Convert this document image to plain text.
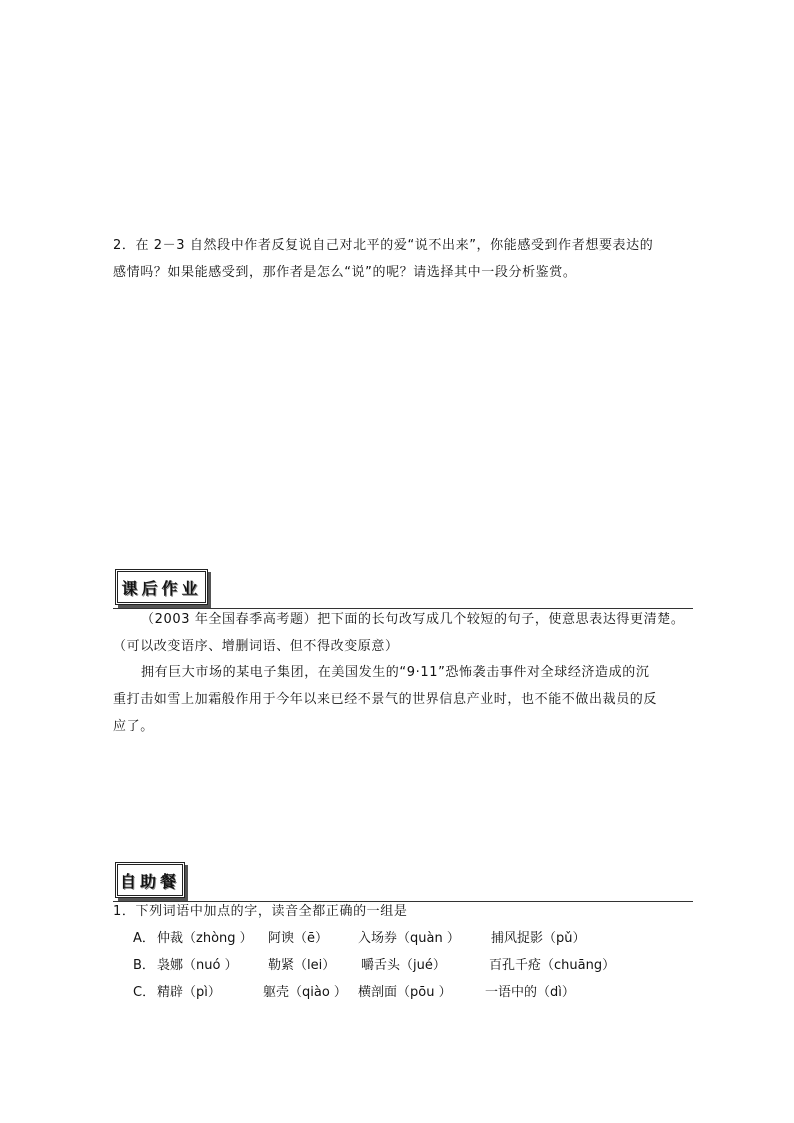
2．在 2－3 自然段中作者反复说自己对北平的爱“说不出来”，你能感受到作者想要表达的
感情吗？如果能感受到，那作者是怎么“说”的呢？请选择其中一段分析鉴赏。
课后作业
（2003 年全国春季高考题）把下面的长句改写成几个较短的句子，使意思表达得更清楚。
（可以改变语序、增删词语、但不得改变原意）
拥有巨大市场的某电子集团，在美国发生的“9·11”恐怖袭击事件对全球经济造成的沉
重打击如雪上加霜般作用于今年以来已经不景气的世界信息产业时，也不能不做出裁员的反
应了。
自助餐
1．下列词语中加点的字，读音全都正确的一组是
A． 仲裁（zhòng ） 阿谀（ē） 入场券（quàn ） 捕风捉影（pǔ）
B． 袅娜（nuó ） 勒紧（lei） 嚼舌头（jué）	百孔千疮（chuāng）
C． 精辟（pì）	躯壳（qiào ） 横剖面（pōu ）	一语中的（dì）
